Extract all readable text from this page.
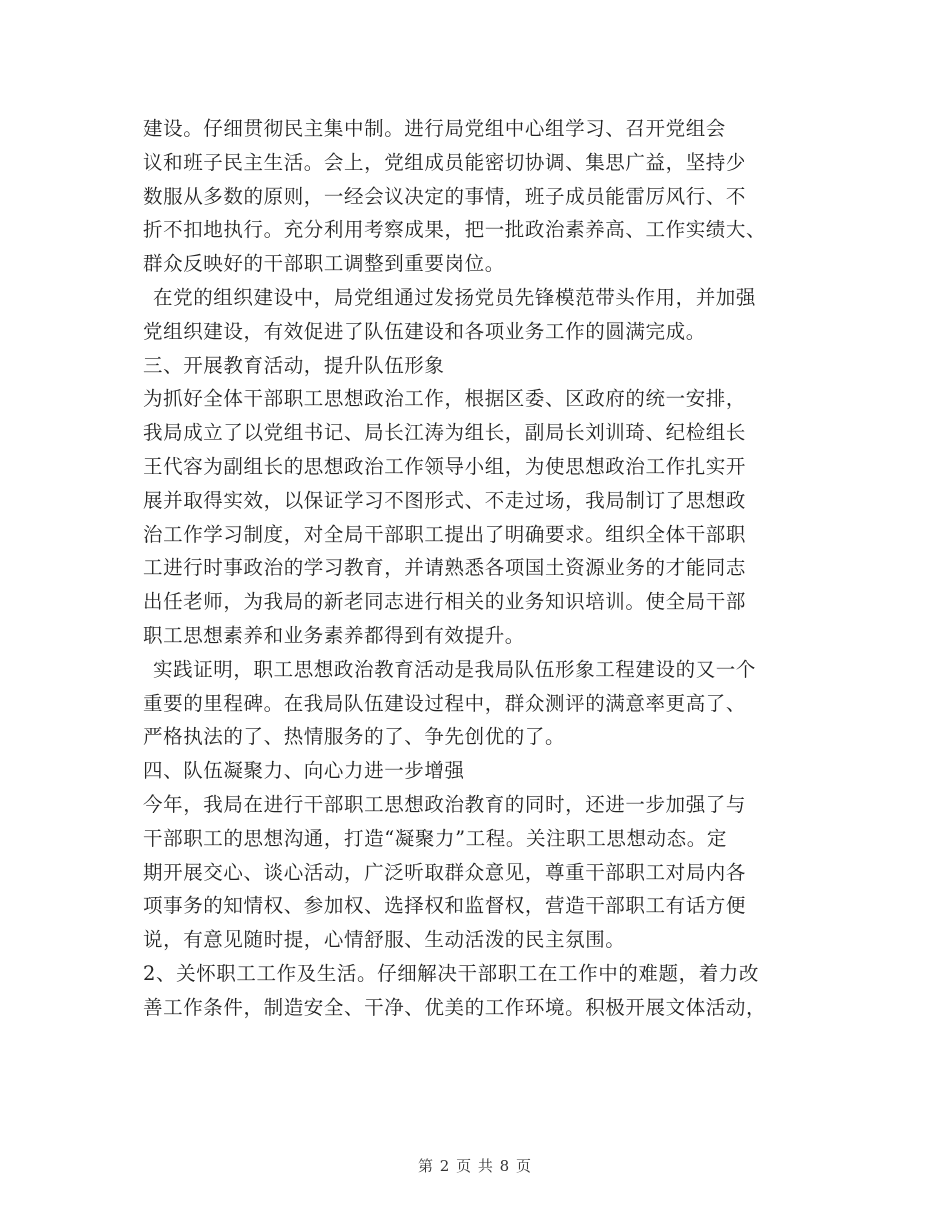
建设。仔细贯彻民主集中制。进行局党组中心组学习、召开党组会
议和班子民主生活。会上，党组成员能密切协调、集思广益，坚持少
数服从多数的原则，一经会议决定的事情，班子成员能雷厉风行、不
折不扣地执行。充分利用考察成果，把一批政治素养高、工作实绩大、
群众反映好的干部职工调整到重要岗位。
在党的组织建设中，局党组通过发扬党员先锋模范带头作用，并加强
党组织建设，有效促进了队伍建设和各项业务工作的圆满完成。
三、开展教育活动，提升队伍形象
为抓好全体干部职工思想政治工作，根据区委、区政府的统一安排，
我局成立了以党组书记、局长江涛为组长，副局长刘训琦、纪检组长
王代容为副组长的思想政治工作领导小组，为使思想政治工作扎实开
展并取得实效，以保证学习不图形式、不走过场，我局制订了思想政
治工作学习制度，对全局干部职工提出了明确要求。组织全体干部职
工进行时事政治的学习教育，并请熟悉各项国土资源业务的才能同志
出任老师，为我局的新老同志进行相关的业务知识培训。使全局干部
职工思想素养和业务素养都得到有效提升。
实践证明，职工思想政治教育活动是我局队伍形象工程建设的又一个
重要的里程碑。在我局队伍建设过程中，群众测评的满意率更高了、
严格执法的了、热情服务的了、争先创优的了。
四、队伍凝聚力、向心力进一步增强
今年，我局在进行干部职工思想政治教育的同时，还进一步加强了与
干部职工的思想沟通，打造“凝聚力”工程。关注职工思想动态。定
期开展交心、谈心活动，广泛听取群众意见，尊重干部职工对局内各
项事务的知情权、参加权、选择权和监督权，营造干部职工有话方便
说，有意见随时提，心情舒服、生动活泼的民主氛围。
2、关怀职工工作及生活。仔细解决干部职工在工作中的难题，着力改
善工作条件，制造安全、干净、优美的工作环境。积极开展文体活动，
第 2 页 共 8 页
